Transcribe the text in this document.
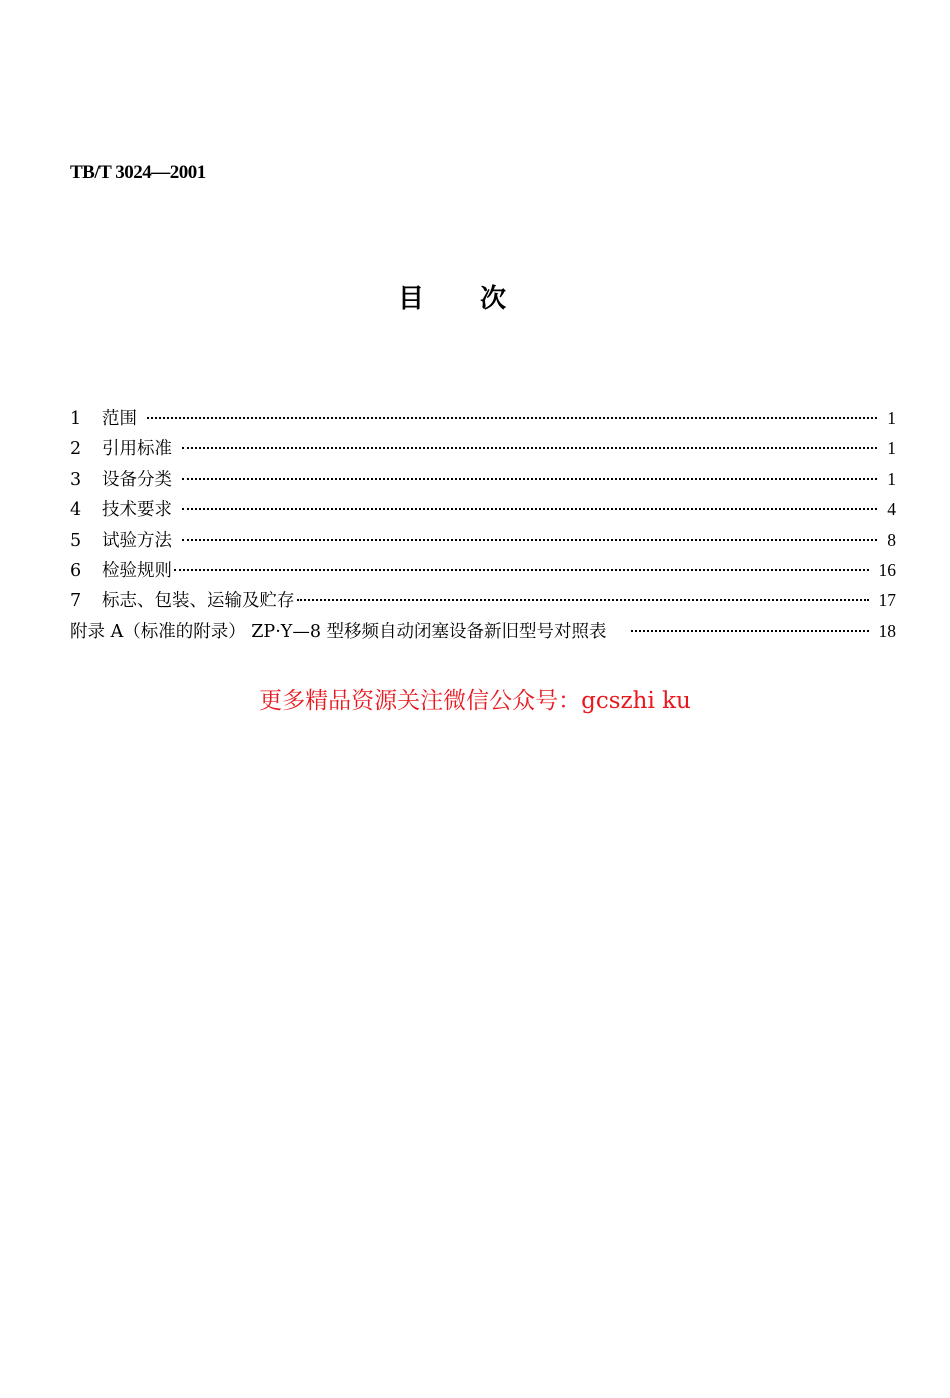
TB/T 3024—2001
目次
1	范围	1
2	引用标准	1
3	设备分类	1
4	技术要求	4
5	试验方法	8
6	检验规则	16
7	标志、包装、运输及贮存	17
附录 A（标准的附录） ZP·Y—8 型移频自动闭塞设备新旧型号对照表	18
更多精品资源关注微信公众号：gcszhi ku
